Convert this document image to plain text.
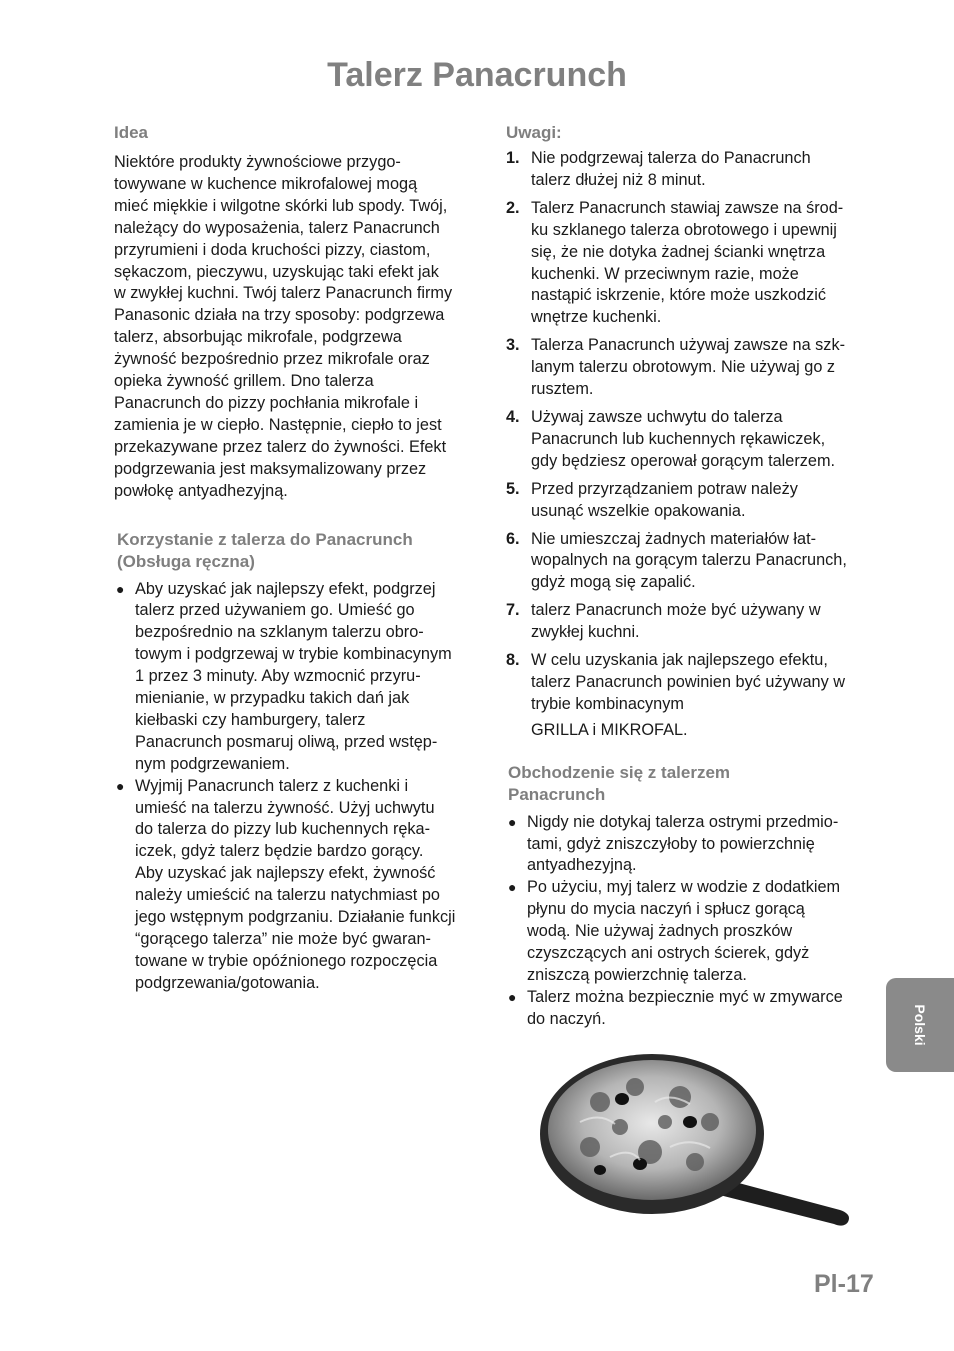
Talerz Panacrunch

Idea

Niektóre produkty żywnościowe przygo-
towywane w kuchence mikrofalowej mogą
mieć miękkie i wilgotne skórki lub spody. Twój,
należący do wyposażenia, talerz Panacrunch
przyrumieni i doda kruchości pizzy, ciastom,
sękaczom, pieczywu, uzyskując taki efekt jak
w zwykłej kuchni. Twój talerz Panacrunch firmy
Panasonic działa na trzy sposoby: podgrzewa
talerz, absorbując mikrofale, podgrzewa
żywność bezpośrednio przez mikrofale oraz
opieka żywność grillem. Dno talerza
Panacrunch do pizzy pochłania mikrofale i
zamienia je w ciepło. Następnie, ciepło to jest
przekazywane przez talerz do żywności. Efekt
podgrzewania jest maksymalizowany przez
powłokę antyadhezyjną.

Korzystanie z talerza do Panacrunch
(Obsługa ręczna)

● Aby uzyskać jak najlepszy efekt, podgrzej
talerz przed używaniem go. Umieść go
bezpośrednio na szklanym talerzu obro-
towym i podgrzewaj w trybie kombinacynym
1 przez 3 minuty. Aby wzmocnić przyru-
mienianie, w przypadku takich dań jak
kiełbaski czy hamburgery, talerz
Panacrunch posmaruj oliwą, przed wstęp-
nym podgrzewaniem.
● Wyjmij Panacrunch talerz z kuchenki i
umieść na talerzu żywność. Użyj uchwytu
do talerza do pizzy lub kuchennych ręka-
iczek, gdyż talerz będzie bardzo gorący.
Aby uzyskać jak najlepszy efekt, żywność
należy umieścić na talerzu natychmiast po
jego wstępnym podgrzaniu. Działanie funkcji
“gorącego talerza” nie może być gwaran-
towane w trybie opóźnionego rozpoczęcia
podgrzewania/gotowania.

Uwagi:

1. Nie podgrzewaj talerza do Panacrunch
talerz dłużej niż 8 minut.
2. Talerz Panacrunch stawiaj zawsze na środ-
ku szklanego talerza obrotowego i upewnij
się, że nie dotyka żadnej ścianki wnętrza
kuchenki. W przeciwnym razie, może
nastąpić iskrzenie, które może uszkodzić
wnętrze kuchenki.
3. Talerza Panacrunch używaj zawsze na szk-
lanym talerzu obrotowym. Nie używaj go z
rusztem.
4. Używaj zawsze uchwytu do talerza
Panacrunch lub kuchennych rękawiczek,
gdy będziesz operował gorącym talerzem.
5. Przed przyrządzaniem potraw należy
usunąć wszelkie opakowania.
6. Nie umieszczaj żadnych materiałów łat-
wopalnych na gorącym talerzu Panacrunch,
gdyż mogą się zapalić.
7. talerz Panacrunch może być używany w
zwykłej kuchni.
8. W celu uzyskania jak najlepszego efektu,
talerz Panacrunch powinien być używany w
trybie kombinacynym
GRILLA i MIKROFAL.

Obchodzenie się z talerzem
Panacrunch

● Nigdy nie dotykaj talerza ostrymi przedmio-
tami, gdyż zniszczyłoby to powierzchnię
antyadhezyjną.
● Po użyciu, myj talerz w wodzie z dodatkiem
płynu do mycia naczyń i spłucz gorącą
wodą. Nie używaj żadnych proszków
czyszczących ani ostrych ścierek, gdyż
zniszczą powierzchnię talerza.
● Talerz można bezpiecznie myć w zmywarce
do naczyń.	Polski
Pl-17
